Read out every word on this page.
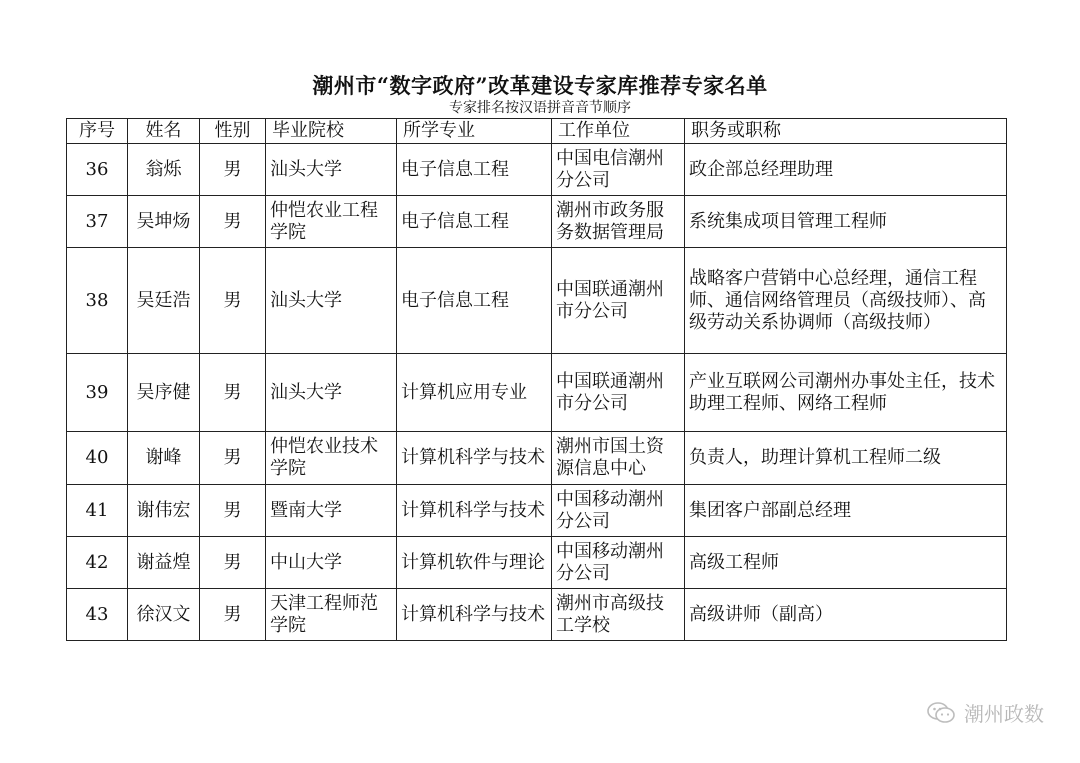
潮州市“数字政府”改革建设专家库推荐专家名单
专家排名按汉语拼音音节顺序
序号	姓名	性别	毕业院校	所学专业	工作单位	职务或职称
36	翁烁	男	汕头大学	电子信息工程	中国电信潮州分公司	政企部总经理助理
37	吴坤炀	男	仲恺农业工程学院	电子信息工程	潮州市政务服务数据管理局	系统集成项目管理工程师
38	吴廷浩	男	汕头大学	电子信息工程	中国联通潮州市分公司	战略客户营销中心总经理，通信工程师、通信网络管理员（高级技师）、高级劳动关系协调师（高级技师）
39	吴序健	男	汕头大学	计算机应用专业	中国联通潮州市分公司	产业互联网公司潮州办事处主任，技术助理工程师、网络工程师
40	谢峰	男	仲恺农业技术学院	计算机科学与技术	潮州市国土资源信息中心	负责人，助理计算机工程师二级
41	谢伟宏	男	暨南大学	计算机科学与技术	中国移动潮州分公司	集团客户部副总经理
42	谢益煌	男	中山大学	计算机软件与理论	中国移动潮州分公司	高级工程师
43	徐汉文	男	天津工程师范学院	计算机科学与技术	潮州市高级技工学校	高级讲师（副高）
潮州政数
